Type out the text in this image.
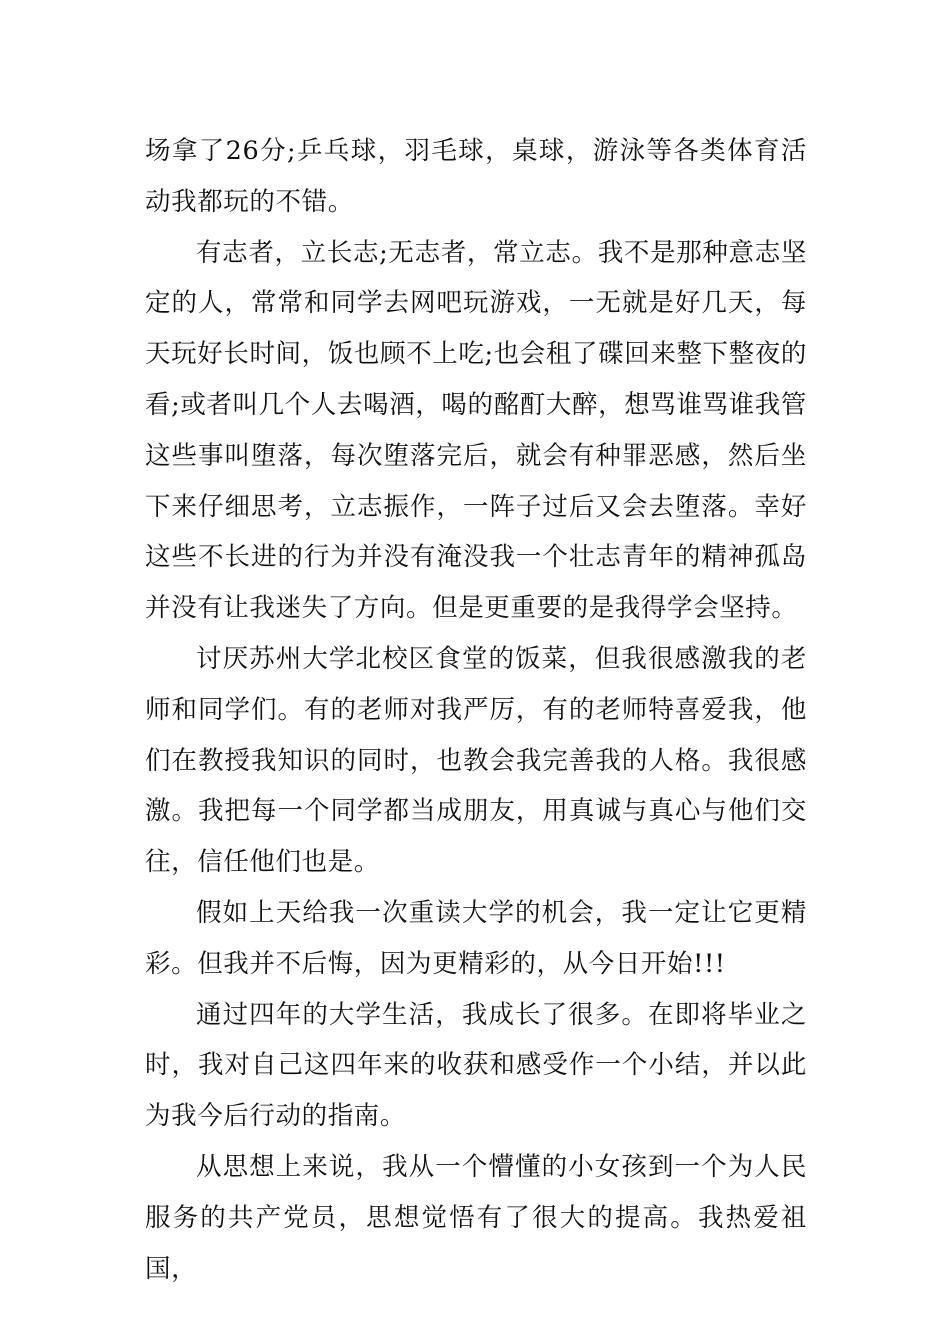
场拿了26分;乒乓球，羽毛球，桌球，游泳等各类体育活动我都玩的不错。

有志者，立长志;无志者，常立志。我不是那种意志坚定的人，常常和同学去网吧玩游戏，一无就是好几天，每天玩好长时间，饭也顾不上吃;也会租了碟回来整下整夜的看;或者叫几个人去喝酒，喝的酩酊大醉，想骂谁骂谁我管这些事叫堕落，每次堕落完后，就会有种罪恶感，然后坐下来仔细思考，立志振作，一阵子过后又会去堕落。幸好这些不长进的行为并没有淹没我一个壮志青年的精神孤岛并没有让我迷失了方向。但是更重要的是我得学会坚持。

讨厌苏州大学北校区食堂的饭菜，但我很感激我的老师和同学们。有的老师对我严厉，有的老师特喜爱我，他们在教授我知识的同时，也教会我完善我的人格。我很感激。我把每一个同学都当成朋友，用真诚与真心与他们交往，信任他们也是。

假如上天给我一次重读大学的机会，我一定让它更精彩。但我并不后悔，因为更精彩的，从今日开始!!!

通过四年的大学生活，我成长了很多。在即将毕业之时，我对自己这四年来的收获和感受作一个小结，并以此为我今后行动的指南。

从思想上来说，我从一个懵懂的小女孩到一个为人民服务的共产党员，思想觉悟有了很大的提高。我热爱祖国，
